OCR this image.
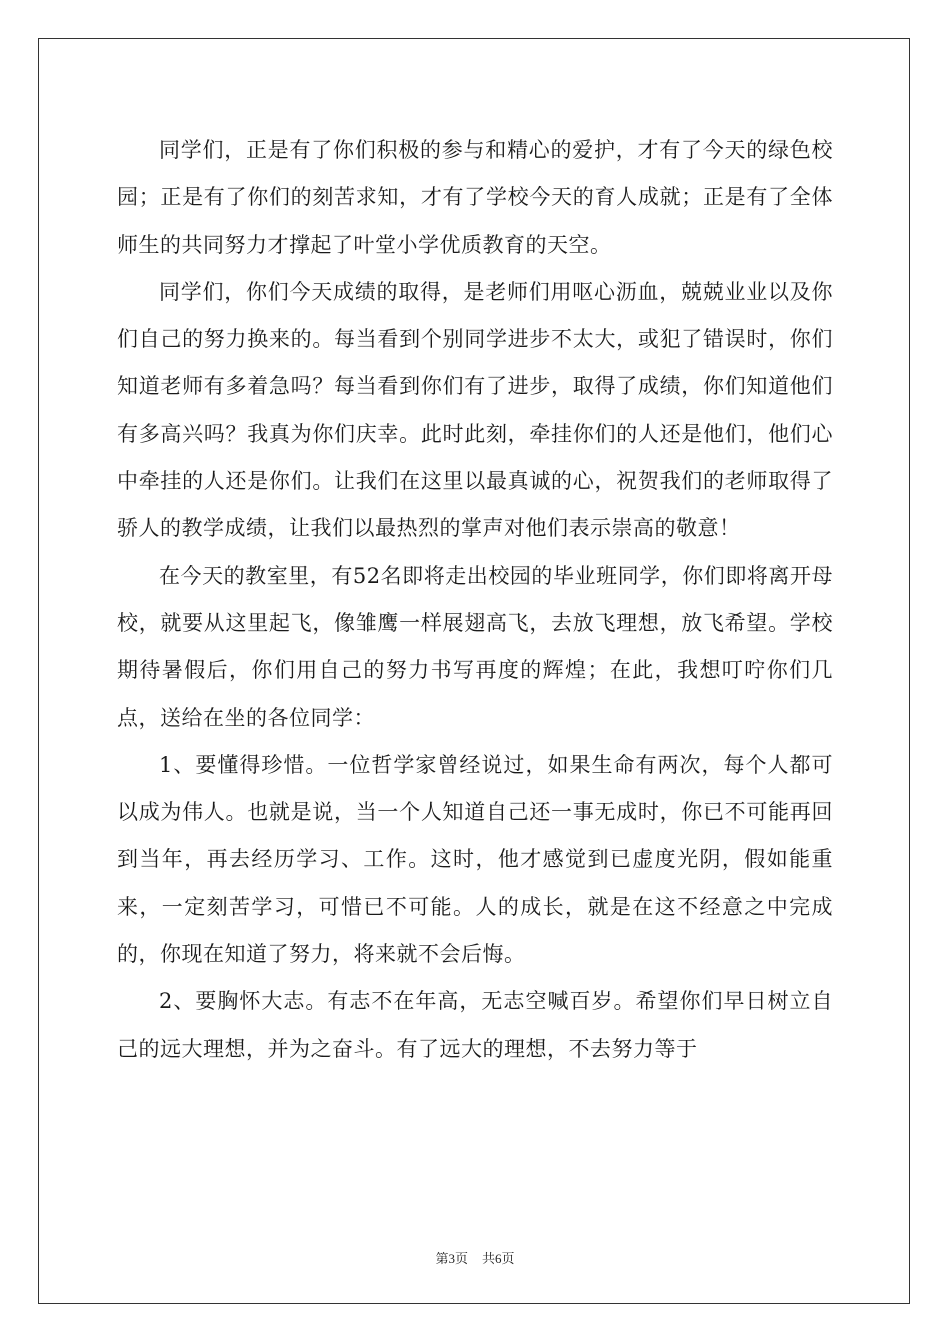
同学们，正是有了你们积极的参与和精心的爱护，才有了今天的绿色校园；正是有了你们的刻苦求知，才有了学校今天的育人成就；正是有了全体师生的共同努力才撑起了叶堂小学优质教育的天空。

同学们，你们今天成绩的取得，是老师们用呕心沥血，兢兢业业以及你们自己的努力换来的。每当看到个别同学进步不太大，或犯了错误时，你们知道老师有多着急吗？每当看到你们有了进步，取得了成绩，你们知道他们有多高兴吗？我真为你们庆幸。此时此刻，牵挂你们的人还是他们，他们心中牵挂的人还是你们。让我们在这里以最真诚的心，祝贺我们的老师取得了骄人的教学成绩，让我们以最热烈的掌声对他们表示崇高的敬意！

在今天的教室里，有52名即将走出校园的毕业班同学，你们即将离开母校，就要从这里起飞，像雏鹰一样展翅高飞，去放飞理想，放飞希望。学校期待暑假后，你们用自己的努力书写再度的辉煌；在此，我想叮咛你们几点，送给在坐的各位同学：

1、要懂得珍惜。一位哲学家曾经说过，如果生命有两次，每个人都可以成为伟人。也就是说，当一个人知道自己还一事无成时，你已不可能再回到当年，再去经历学习、工作。这时，他才感觉到已虚度光阴，假如能重来，一定刻苦学习，可惜已不可能。人的成长，就是在这不经意之中完成的，你现在知道了努力，将来就不会后悔。

2、要胸怀大志。有志不在年高，无志空喊百岁。希望你们早日树立自己的远大理想，并为之奋斗。有了远大的理想，不去努力等于

第3页 共6页
